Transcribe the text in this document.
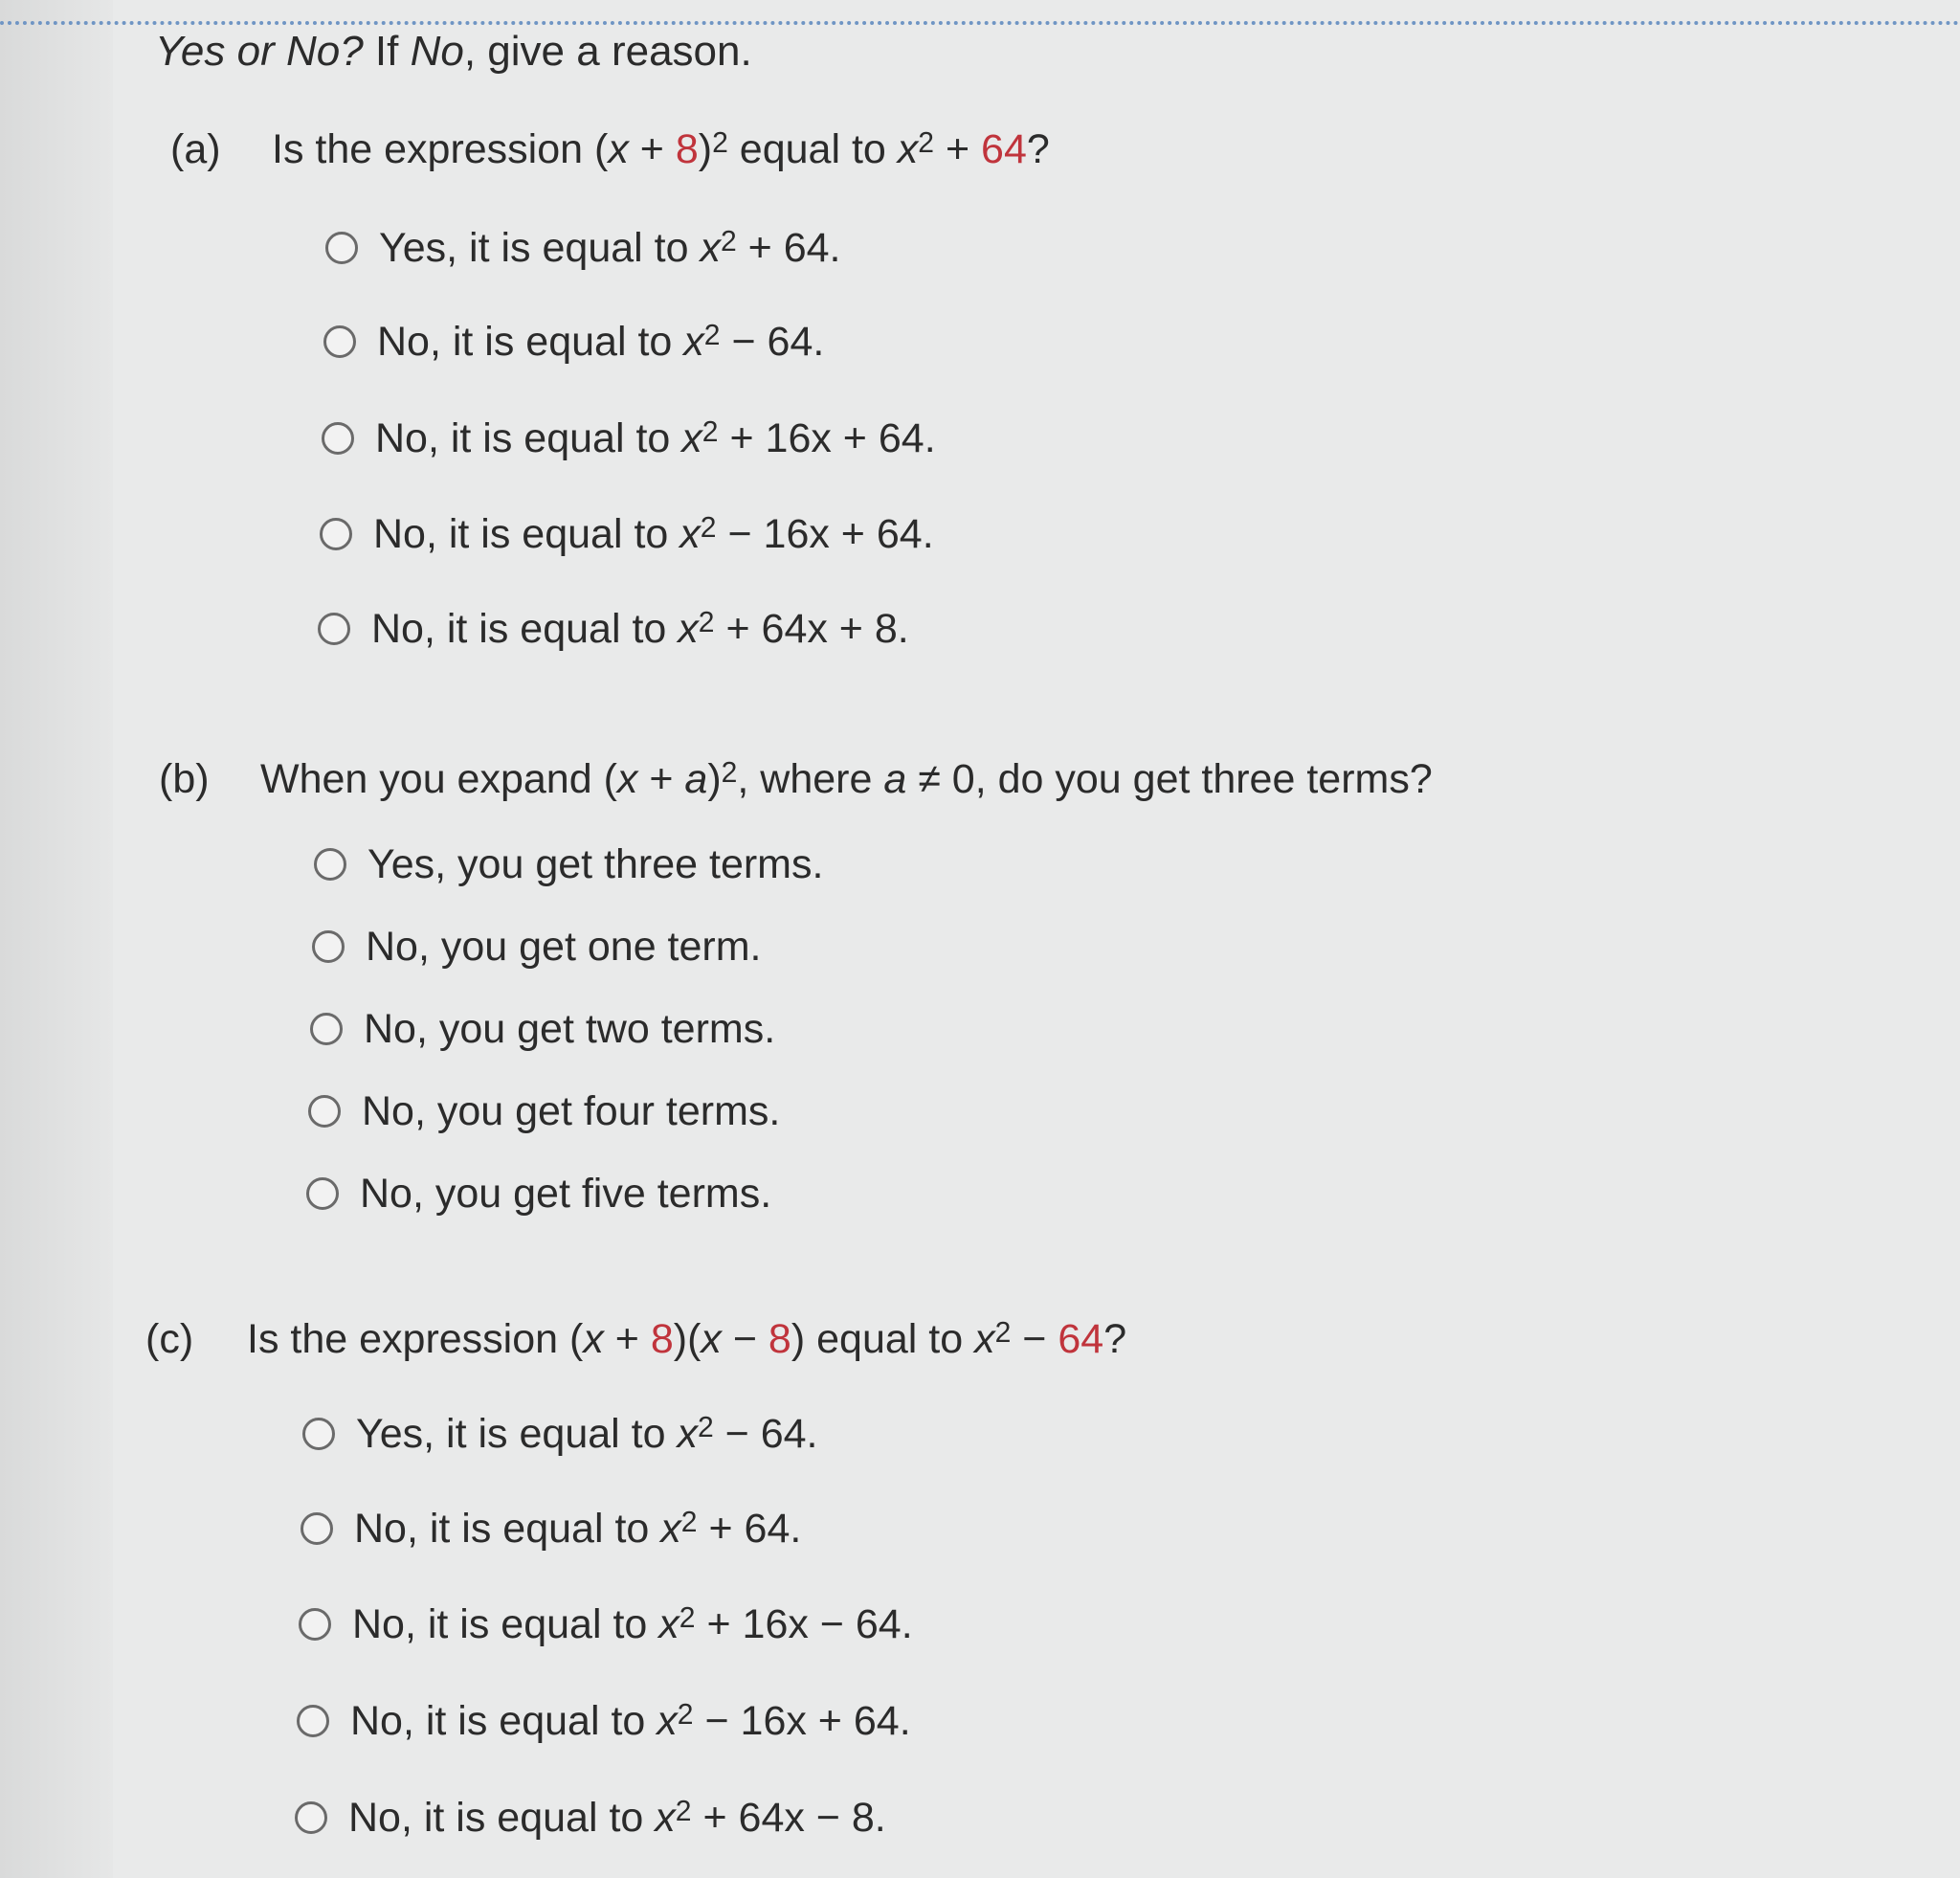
Yes or No? If No, give a reason.
(a) Is the expression $(x + 8)^2$ equal to $x^2 + 64$?
Yes, it is equal to $x^2 + 64$.
No, it is equal to $x^2 - 64$.
No, it is equal to $x^2 + 16x + 64$.
No, it is equal to $x^2 - 16x + 64$.
No, it is equal to $x^2 + 64x + 8$.
(b) When you expand $(x + a)^2$, where a ≠ 0, do you get three terms?
Yes, you get three terms.
No, you get one term.
No, you get two terms.
No, you get four terms.
No, you get five terms.
(c) Is the expression (x + 8)(x − 8) equal to $x^2 - 64$?
Yes, it is equal to $x^2 - 64$.
No, it is equal to $x^2 + 64$.
No, it is equal to $x^2 + 16x - 64$.
No, it is equal to $x^2 - 16x + 64$.
No, it is equal to $x^2 + 64x - 8$.
